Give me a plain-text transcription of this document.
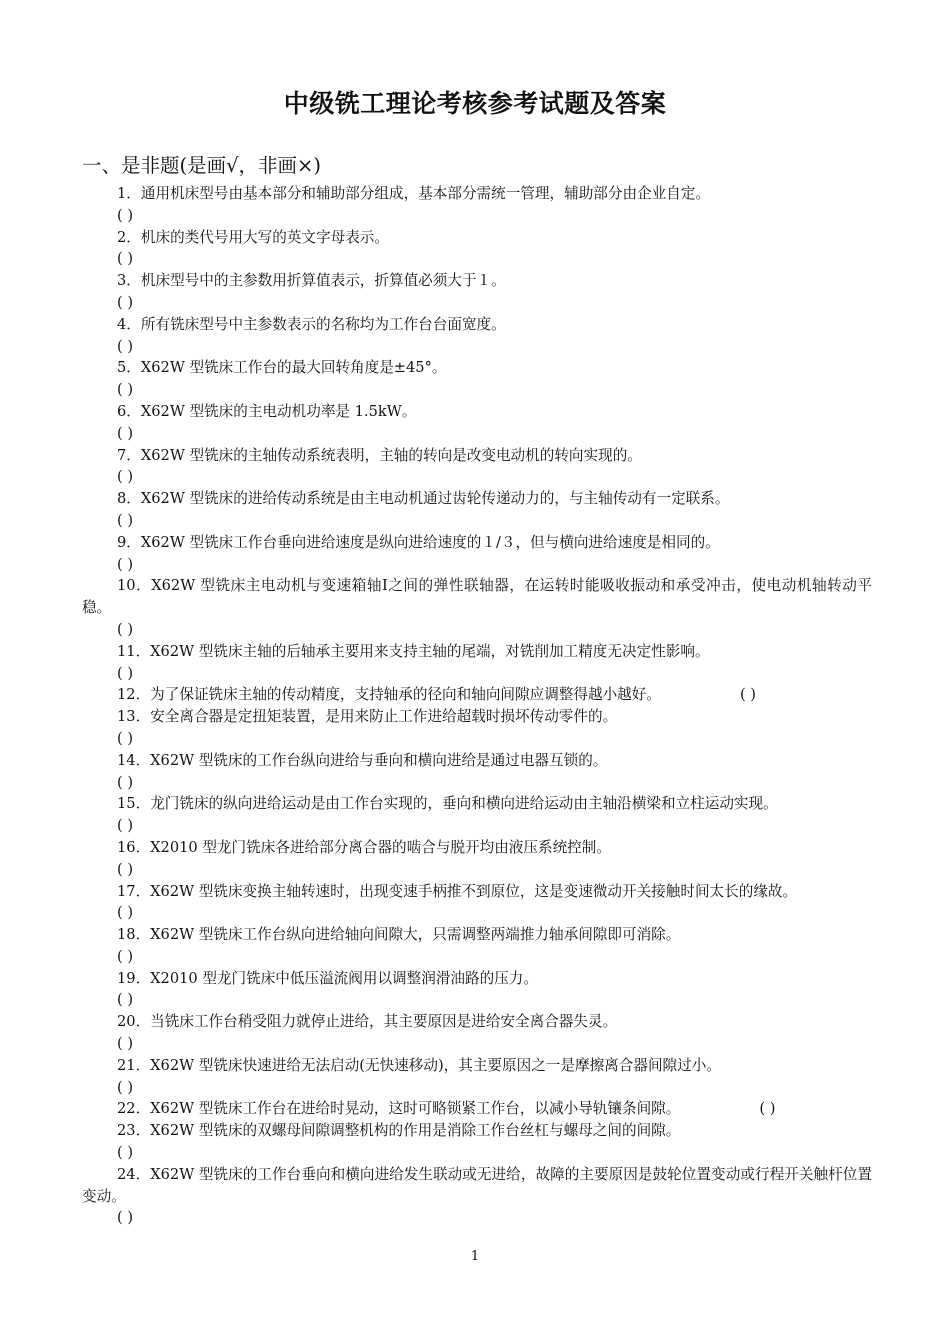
中级铣工理论考核参考试题及答案
一、是非题(是画√，非画×)
1．通用机床型号由基本部分和辅助部分组成，基本部分需统一管理，辅助部分由企业自定。
( )
2．机床的类代号用大写的英文字母表示。
( )
3．机床型号中的主参数用折算值表示，折算值必须大于１。
( )
4．所有铣床型号中主参数表示的名称均为工作台台面宽度。
( )
5．X62W 型铣床工作台的最大回转角度是±45°。
( )
6．X62W 型铣床的主电动机功率是 1.5kW。
( )
7．X62W 型铣床的主轴传动系统表明，主轴的转向是改变电动机的转向实现的。
( )
8．X62W 型铣床的进给传动系统是由主电动机通过齿轮传递动力的，与主轴传动有一定联系。
( )
9．X62W 型铣床工作台垂向进给速度是纵向进给速度的１/３，但与横向进给速度是相同的。
( )
10．X62W 型铣床主电动机与变速箱轴Ⅰ之间的弹性联轴器，在运转时能吸收振动和承受冲击，使电动机轴转动平稳。
( )
11．X62W 型铣床主轴的后轴承主要用来支持主轴的尾端，对铣削加工精度无决定性影响。
( )
12．为了保证铣床主轴的传动精度，支持轴承的径向和轴向间隙应调整得越小越好。	( )
13．安全离合器是定扭矩装置，是用来防止工作进给超载时损坏传动零件的。
( )
14．X62W 型铣床的工作台纵向进给与垂向和横向进给是通过电器互锁的。
( )
15．龙门铣床的纵向进给运动是由工作台实现的，垂向和横向进给运动由主轴沿横梁和立柱运动实现。
( )
16．X2010 型龙门铣床各进给部分离合器的啮合与脱开均由液压系统控制。
( )
17．X62W 型铣床变换主轴转速时，出现变速手柄推不到原位，这是变速微动开关接触时间太长的缘故。
( )
18．X62W 型铣床工作台纵向进给轴向间隙大，只需调整两端推力轴承间隙即可消除。
( )
19．X2010 型龙门铣床中低压溢流阀用以调整润滑油路的压力。
( )
20．当铣床工作台稍受阻力就停止进给，其主要原因是进给安全离合器失灵。
( )
21．X62W 型铣床快速进给无法启动(无快速移动)，其主要原因之一是摩擦离合器间隙过小。
( )
22．X62W 型铣床工作台在进给时晃动，这时可略锁紧工作台，以减小导轨镶条间隙。	( )
23．X62W 型铣床的双螺母间隙调整机构的作用是消除工作台丝杠与螺母之间的间隙。
( )
24．X62W 型铣床的工作台垂向和横向进给发生联动或无进给，故障的主要原因是鼓轮位置变动或行程开关触杆位置变动。
( )
1
